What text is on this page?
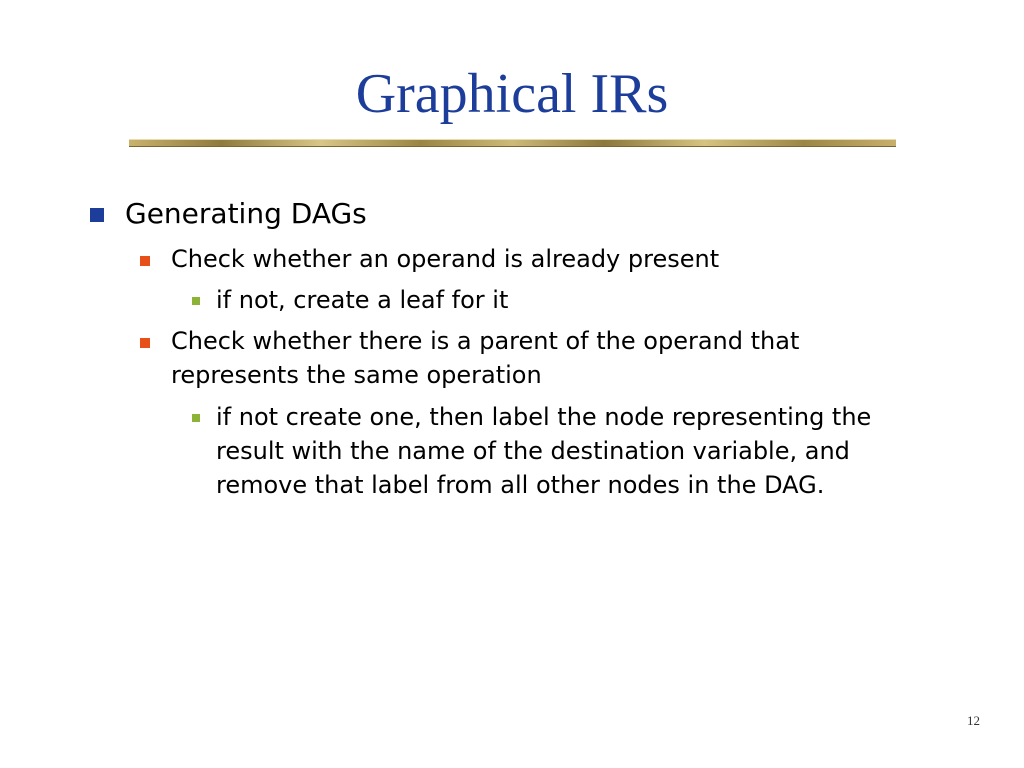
Graphical IRs
Generating DAGs
Check whether an operand is already present
if not, create a leaf for it
Check whether there is a parent of the operand that
represents the same operation
if not create one, then label the node representing the
result with the name of the destination variable, and
remove that label from all other nodes in the DAG.
12
